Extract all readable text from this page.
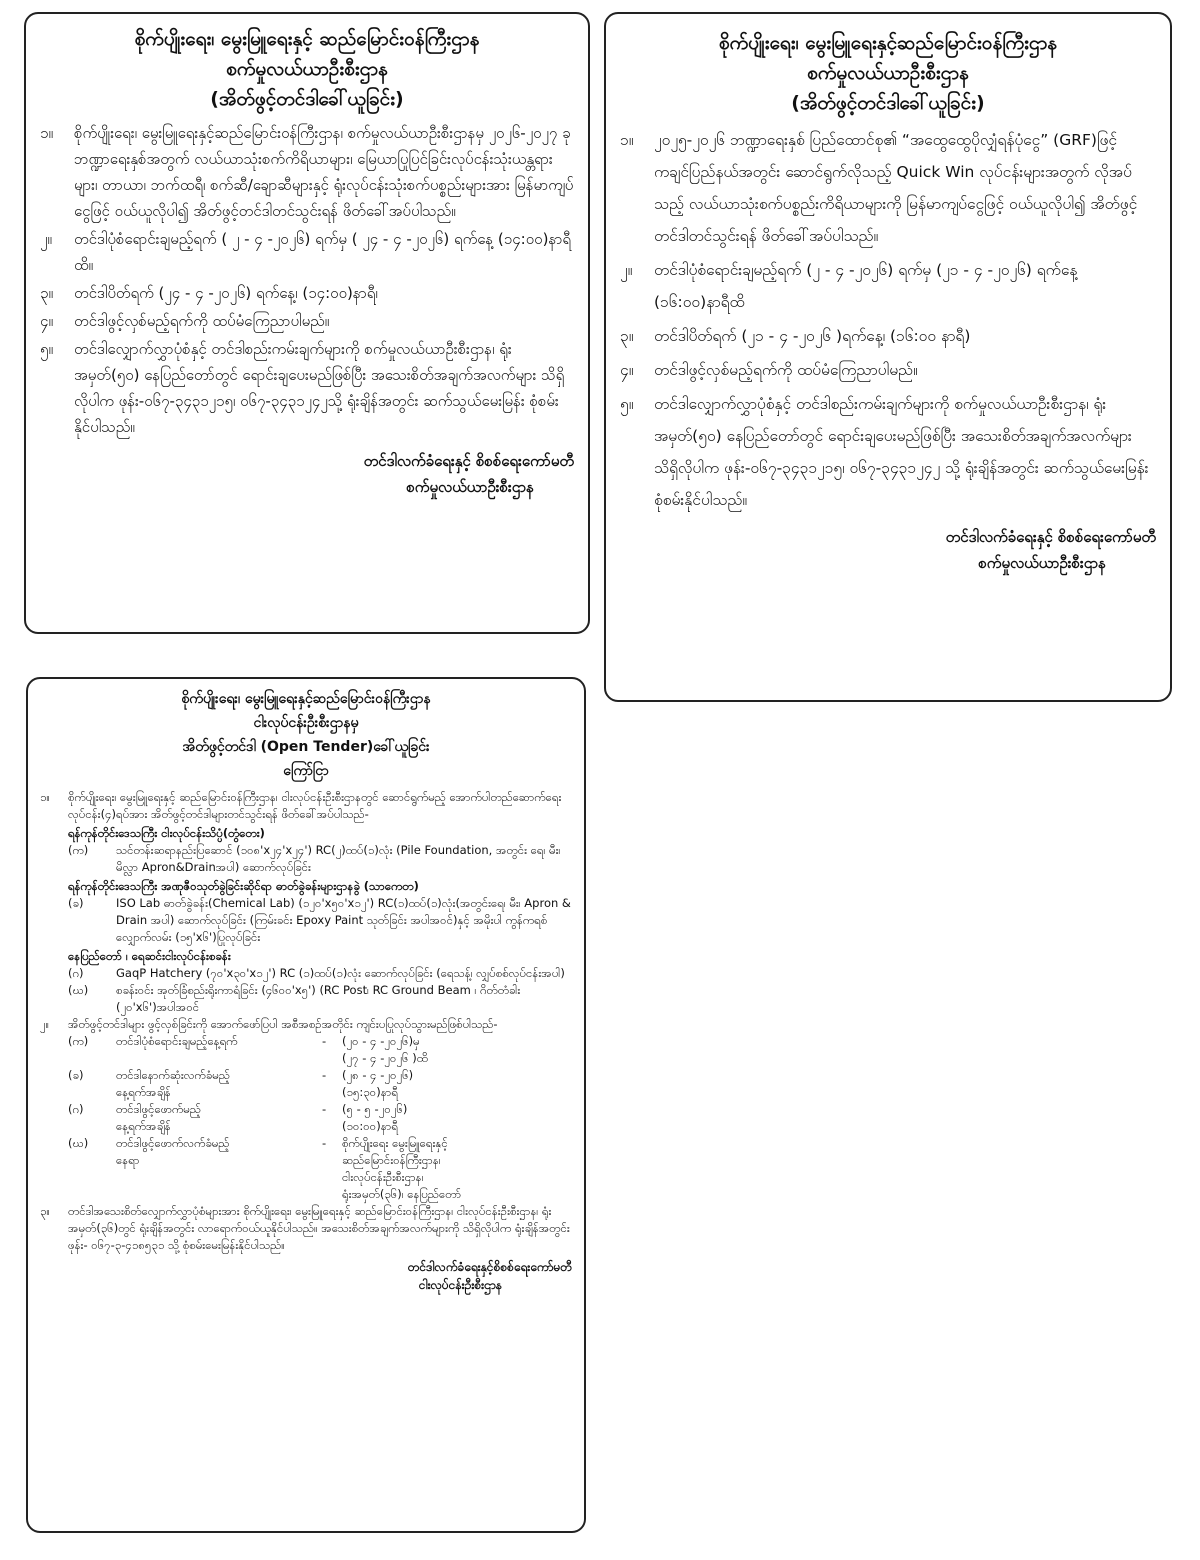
စိုက်ပျိုးရေး၊ မွေးမြူရေးနှင့် ဆည်မြောင်းဝန်ကြီးဌာန
စက်မှုလယ်ယာဦးစီးဌာန
(အိတ်ဖွင့်တင်ဒါခေါ်ယူခြင်း)
၁။	စိုက်ပျိုးရေး၊ မွေးမြူရေးနှင့်ဆည်မြောင်းဝန်ကြီးဌာန၊ စက်မှုလယ်ယာဦးစီးဌာနမှ ၂၀၂၆-၂၀၂၇ ခု ဘဏ္ဍာရေးနှစ်အတွက် လယ်ယာသုံးစက်ကိရိယာများ၊ မြေယာပြုပြင်ခြင်းလုပ်ငန်းသုံးယန္တရားများ၊ တာယာ၊ ဘက်ထရီ၊ စက်ဆီ/ချောဆီများနှင့် ရုံးလုပ်ငန်းသုံးစက်ပစ္စည်းများအား မြန်မာကျပ်ငွေဖြင့် ဝယ်ယူလိုပါ၍ အိတ်ဖွင့်တင်ဒါတင်သွင်းရန် ဖိတ်ခေါ်အပ်ပါသည်။
၂။	တင်ဒါပုံစံရောင်းချမည့်ရက် ( ၂ - ၄ -၂၀၂၆) ရက်မှ ( ၂၄ - ၄ -၂၀၂၆) ရက်နေ့ (၁၄:၀၀)နာရီထိ။
၃။	တင်ဒါပိတ်ရက် (၂၄ - ၄ -၂၀၂၆) ရက်နေ့၊ (၁၄:၀၀)နာရီ၊
၄။	တင်ဒါဖွင့်လှစ်မည့်ရက်ကို ထပ်မံကြေညာပါမည်။
၅။	တင်ဒါလျှောက်လွှာပုံစံနှင့် တင်ဒါစည်းကမ်းချက်များကို စက်မှုလယ်ယာဦးစီးဌာန၊ ရုံးအမှတ်(၅၀) နေပြည်တော်တွင် ရောင်းချပေးမည်ဖြစ်ပြီး အသေးစိတ်အချက်အလက်များ သိရှိလိုပါက ဖုန်း-၀၆၇-၃၄၃၁၂၁၅၊ ၀၆၇-၃၄၃၁၂၄၂သို့ ရုံးချိန်အတွင်း ဆက်သွယ်မေးမြန်း စုံစမ်းနိုင်ပါသည်။
တင်ဒါလက်ခံရေးနှင့် စိစစ်ရေးကော်မတီ
စက်မှုလယ်ယာဦးစီးဌာန
စိုက်ပျိုးရေး၊ မွေးမြူရေးနှင့်ဆည်မြောင်းဝန်ကြီးဌာန
စက်မှုလယ်ယာဦးစီးဌာန
(အိတ်ဖွင့်တင်ဒါခေါ်ယူခြင်း)
၁။	၂၀၂၅-၂၀၂၆ ဘဏ္ဍာရေးနှစ် ပြည်ထောင်စု၏ “အထွေထွေပိုလျှံရန်ပုံငွေ” (GRF)ဖြင့် ကချင်ပြည်နယ်အတွင်း ဆောင်ရွက်လိုသည့် Quick Win လုပ်ငန်းများအတွက် လိုအပ်သည့် လယ်ယာသုံးစက်ပစ္စည်းကိရိယာများကို မြန်မာကျပ်ငွေဖြင့် ဝယ်ယူလိုပါ၍ အိတ်ဖွင့်တင်ဒါတင်သွင်းရန် ဖိတ်ခေါ်အပ်ပါသည်။
၂။	တင်ဒါပုံစံရောင်းချမည့်ရက် (၂ - ၄ -၂၀၂၆) ရက်မှ (၂၁ - ၄ -၂၀၂၆) ရက်နေ့ (၁၆:၀၀)နာရီထိ
၃။	တင်ဒါပိတ်ရက် (၂၁ - ၄ -၂၀၂၆ )ရက်နေ့၊ (၁၆:၀၀ နာရီ)
၄။	တင်ဒါဖွင့်လှစ်မည့်ရက်ကို ထပ်မံကြေညာပါမည်။
၅။	တင်ဒါလျှောက်လွှာပုံစံနှင့် တင်ဒါစည်းကမ်းချက်များကို စက်မှုလယ်ယာဦးစီးဌာန၊ ရုံးအမှတ်(၅၀) နေပြည်တော်တွင် ရောင်းချပေးမည်ဖြစ်ပြီး အသေးစိတ်အချက်အလက်များ သိရှိလိုပါက ဖုန်း-၀၆၇-၃၄၃၁၂၁၅၊ ၀၆၇-၃၄၃၁၂၄၂ သို့ ရုံးချိန်အတွင်း ဆက်သွယ်မေးမြန်း စုံစမ်းနိုင်ပါသည်။
တင်ဒါလက်ခံရေးနှင့် စိစစ်ရေးကော်မတီ
စက်မှုလယ်ယာဦးစီးဌာန
စိုက်ပျိုးရေး၊ မွေးမြူရေးနှင့်ဆည်မြောင်းဝန်ကြီးဌာန
ငါးလုပ်ငန်းဦးစီးဌာနမှ
အိတ်ဖွင့်တင်ဒါ (Open Tender)ခေါ်ယူခြင်း
ကြော်ငြာ
၁။	စိုက်ပျိုးရေး၊ မွေးမြူရေးနှင့် ဆည်မြောင်းဝန်ကြီးဌာန၊ ငါးလုပ်ငန်းဦးစီးဌာနတွင် ဆောင်ရွက်မည့် အောက်ပါတည်ဆောက်ရေးလုပ်ငန်း(၄)ရပ်အား အိတ်ဖွင့်တင်ဒါများတင်သွင်းရန် ဖိတ်ခေါ်အပ်ပါသည်-
ရန်ကုန်တိုင်းဒေသကြီး ငါးလုပ်ငန်းသိပ္ပံ(တွံတေး)
(က)	သင်တန်းဆရာနည်းပြဆောင် (၁၀၈'x၂၄'x၂၄') RC(၂)ထပ်(၁)လုံး (Pile Foundation, အတွင်း ရေ၊ မီး၊ မိလ္လာ Apron&Drainအပါ) ဆောက်လုပ်ခြင်း
ရန်ကုန်တိုင်းဒေသကြီး အဏုဇီဝသုတ်ခွဲခြင်းဆိုင်ရာ ဓာတ်ခွဲခန်းများဌာနခွဲ (သာကေတ)
(ခ)	ISO Lab ဓာတ်ခွဲခန်း(Chemical Lab) (၁၂၀'x၅၀'x၁၂') RC(၁)ထပ်(၁)လုံး(အတွင်းရေ၊ မီး၊ Apron & Drain အပါ) ဆောက်လုပ်ခြင်း (ကြမ်းခင်း Epoxy Paint သုတ်ခြင်း အပါအဝင်)နှင့် အမိုးပါ ကွန်ကရစ်လျှောက်လမ်း (၁၅'x၆')ပြုလုပ်ခြင်း
နေပြည်တော် ၊ ရေဆင်းငါးလုပ်ငန်းစခန်း
(ဂ)	GaqP Hatchery (၇၀'x၃၀'x၁၂') RC (၁)ထပ်(၁)လုံး ဆောက်လုပ်ခြင်း (ရေသန့်၊ လျှပ်စစ်လုပ်ငန်းအပါ)
(ဃ)	စခန်းဝင်း အုတ်ခြံစည်းရိုးကာရံခြင်း (၄၆၀၀'x၅') (RC Post၊ RC Ground Beam ၊ ဂိတ်တံခါး (၂၀'x၆')အပါအဝင်
၂။	အိတ်ဖွင့်တင်ဒါများ ဖွင့်လှစ်ခြင်းကို အောက်ဖော်ပြပါ အစီအစဉ်အတိုင်း ကျင်းပပြုလုပ်သွားမည်ဖြစ်ပါသည်-
(က)	တင်ဒါပုံစံရောင်းချမည့်နေ့ရက်	-	(၂၀ - ၄ -၂၀၂၆)မှ
(၂၇ - ၄ -၂၀၂၆ )ထိ
(ခ)	တင်ဒါနောက်ဆုံးလက်ခံမည့်
နေ့ရက်အချိန်
-	(၂၈ - ၄ -၂၀၂၆)
(၁၅:၃၀)နာရီ
(ဂ)	တင်ဒါဖွင့်ဖောက်မည့်
နေ့ရက်အချိန်
-	(၅ - ၅ -၂၀၂၆)
(၁၀:၀၀)နာရီ
(ဃ)	တင်ဒါဖွင့်ဖောက်လက်ခံမည့်
နေရာ
-	စိုက်ပျိုးရေး မွေးမြူရေးနှင့်
ဆည်မြောင်းဝန်ကြီးဌာန၊
ငါးလုပ်ငန်းဦးစီးဌာန၊
ရုံးအမှတ်(၃၆)၊ နေပြည်တော်
၃။	တင်ဒါအသေးစိတ်လျှောက်လွှာပုံစံများအား စိုက်ပျိုးရေး၊ မွေးမြူရေးနှင့် ဆည်မြောင်းဝန်ကြီးဌာန၊ ငါးလုပ်ငန်းဦးစီးဌာန၊ ရုံးအမှတ်(၃၆)တွင် ရုံးချိန်အတွင်း လာရောက်ဝယ်ယူနိုင်ပါသည်။ အသေးစိတ်အချက်အလက်များကို သိရှိလိုပါက ရုံးချိန်အတွင်း ဖုန်း- ၀၆၇-၃-၄၁၈၅၃၁ သို့ စုံစမ်းမေးမြန်းနိုင်ပါသည်။
တင်ဒါလက်ခံရေးနှင့်စိစစ်ရေးကော်မတီ
ငါးလုပ်ငန်းဦးစီးဌာန
